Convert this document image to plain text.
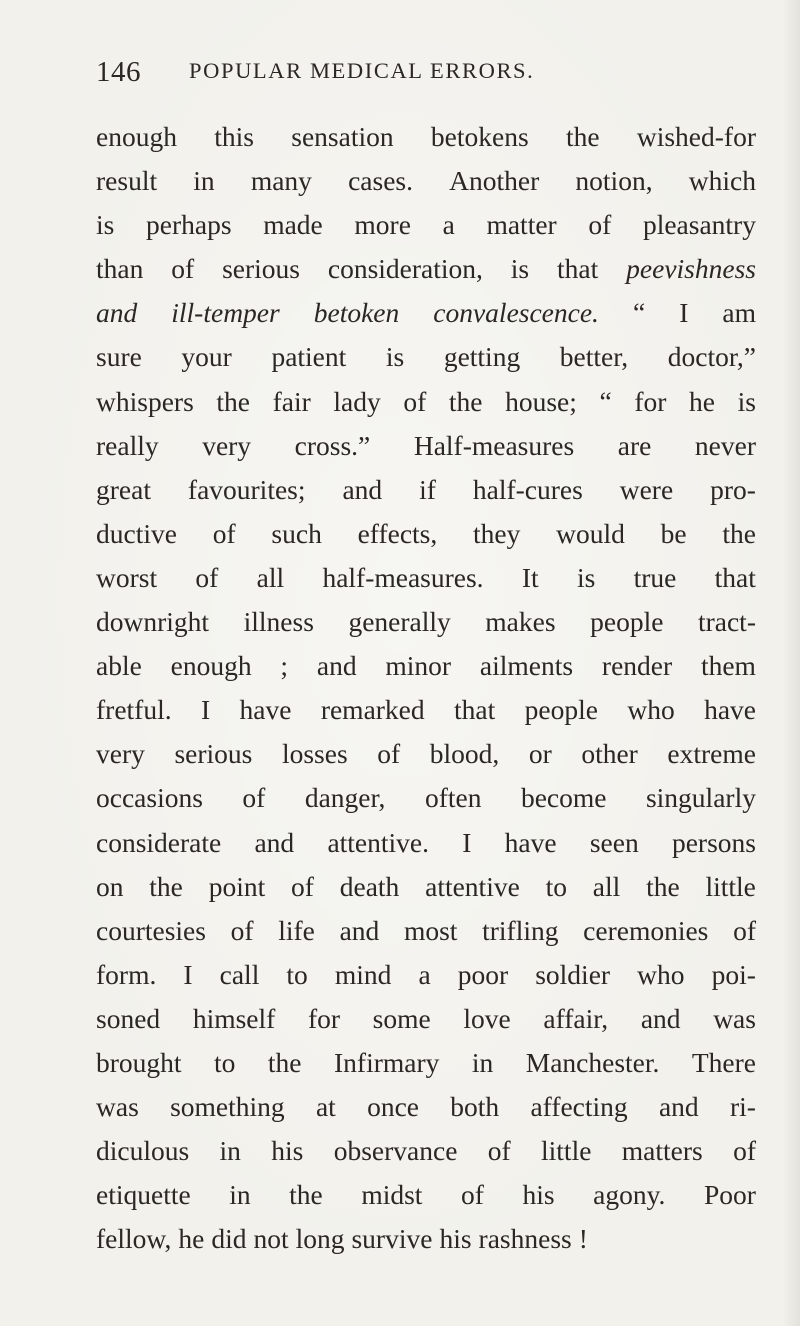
146 POPULAR MEDICAL ERRORS.
enough this sensation betokens the wished-for
result in many cases. Another notion, which
is perhaps made more a matter of pleasantry
than of serious consideration, is that peevishness
and ill-temper betoken convalescence. “ I am
sure your patient is getting better, doctor,”
whispers the fair lady of the house; “ for he is
really very cross.” Half-measures are never
great favourites; and if half-cures were pro-
ductive of such effects, they would be the
worst of all half-measures. It is true that
downright illness generally makes people tract-
able enough ; and minor ailments render them
fretful. I have remarked that people who have
very serious losses of blood, or other extreme
occasions of danger, often become singularly
considerate and attentive. I have seen persons
on the point of death attentive to all the little
courtesies of life and most trifling ceremonies of
form. I call to mind a poor soldier who poi-
soned himself for some love affair, and was
brought to the Infirmary in Manchester. There
was something at once both affecting and ri-
diculous in his observance of little matters of
etiquette in the midst of his agony. Poor
fellow, he did not long survive his rashness !
